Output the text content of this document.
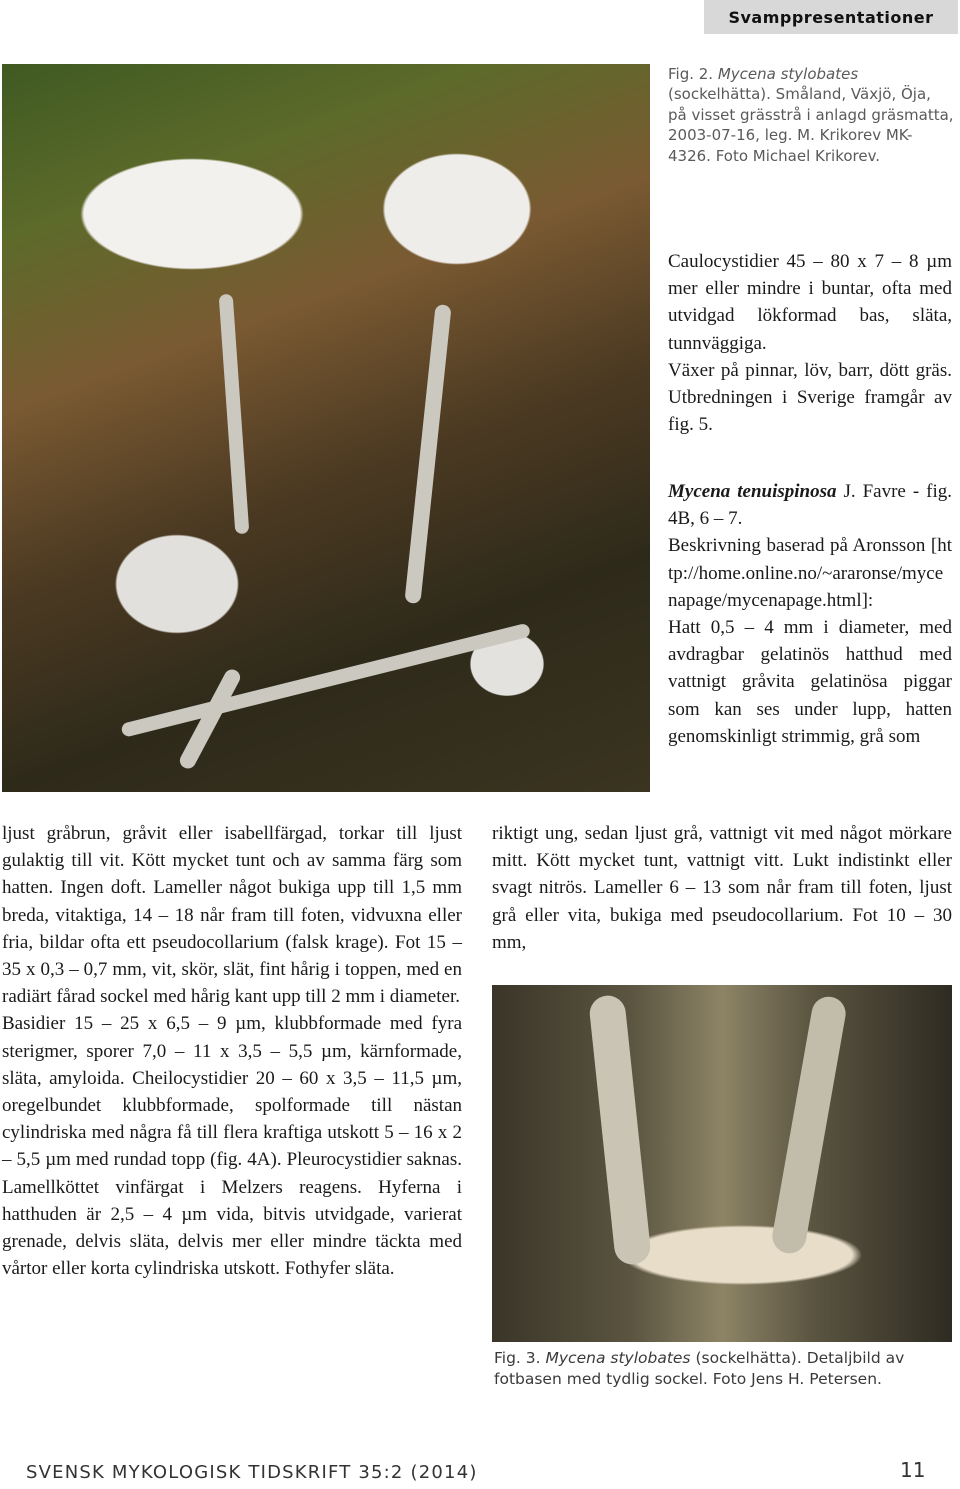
Svamppresentationer
Fig. 2. Mycena stylobates (sockelhätta). Småland, Växjö, Öja, på visset grässtrå i anlagd gräsmatta, 2003-07-16, leg. M. Krikorev MK-4326. Foto Michael Krikorev.

Caulocystidier 45 – 80 x 7 – 8 µm mer eller mindre i buntar, ofta med utvidgad lökformad bas, släta, tunnväggiga.

Växer på pinnar, löv, barr, dött gräs. Utbredningen i Sverige framgår av fig. 5.

Mycena tenuispinosa J. Favre - fig. 4B, 6 – 7.

Beskrivning baserad på Aronsson [http://home.online.no/~araronse/mycenapage/mycenapage.html]:

Hatt 0,5 – 4 mm i diameter, med avdragbar gelatinös hatthud med vattnigt gråvita gelatinösa piggar som kan ses under lupp, hatten genomskinligt strimmig, grå som

ljust gråbrun, gråvit eller isabellfärgad, torkar till ljust gulaktig till vit. Kött mycket tunt och av samma färg som hatten. Ingen doft. Lameller något bukiga upp till 1,5 mm breda, vitaktiga, 14 – 18 når fram till foten, vidvuxna eller fria, bildar ofta ett pseudocollarium (falsk krage). Fot 15 – 35 x 0,3 – 0,7 mm, vit, skör, slät, fint hårig i toppen, med en radiärt fårad sockel med hårig kant upp till 2 mm i diameter.

Basidier 15 – 25 x 6,5 – 9 µm, klubbformade med fyra sterigmer, sporer 7,0 – 11 x 3,5 – 5,5 µm, kärnformade, släta, amyloida. Cheilocystidier 20 – 60 x 3,5 – 11,5 µm, oregelbundet klubbformade, spolformade till nästan cylindriska med några få till flera kraftiga utskott 5 – 16 x 2 – 5,5 µm med rundad topp (fig. 4A). Pleurocystidier saknas. Lamellköttet vinfärgat i Melzers reagens. Hyferna i hatthuden är 2,5 – 4 µm vida, bitvis utvidgade, varierat grenade, delvis släta, delvis mer eller mindre täckta med vårtor eller korta cylindriska utskott. Fothyfer släta.

riktigt ung, sedan ljust grå, vattnigt vit med något mörkare mitt. Kött mycket tunt, vattnigt vitt. Lukt indistinkt eller svagt nitrös. Lameller 6 – 13 som når fram till foten, ljust grå eller vita, bukiga med pseudocollarium. Fot 10 – 30 mm,

Fig. 3. Mycena stylobates (sockelhätta). Detaljbild av fotbasen med tydlig sockel. Foto Jens H. Petersen.
SVENSK MYKOLOGISK TIDSKRIFT 35:2 (2014)	11
